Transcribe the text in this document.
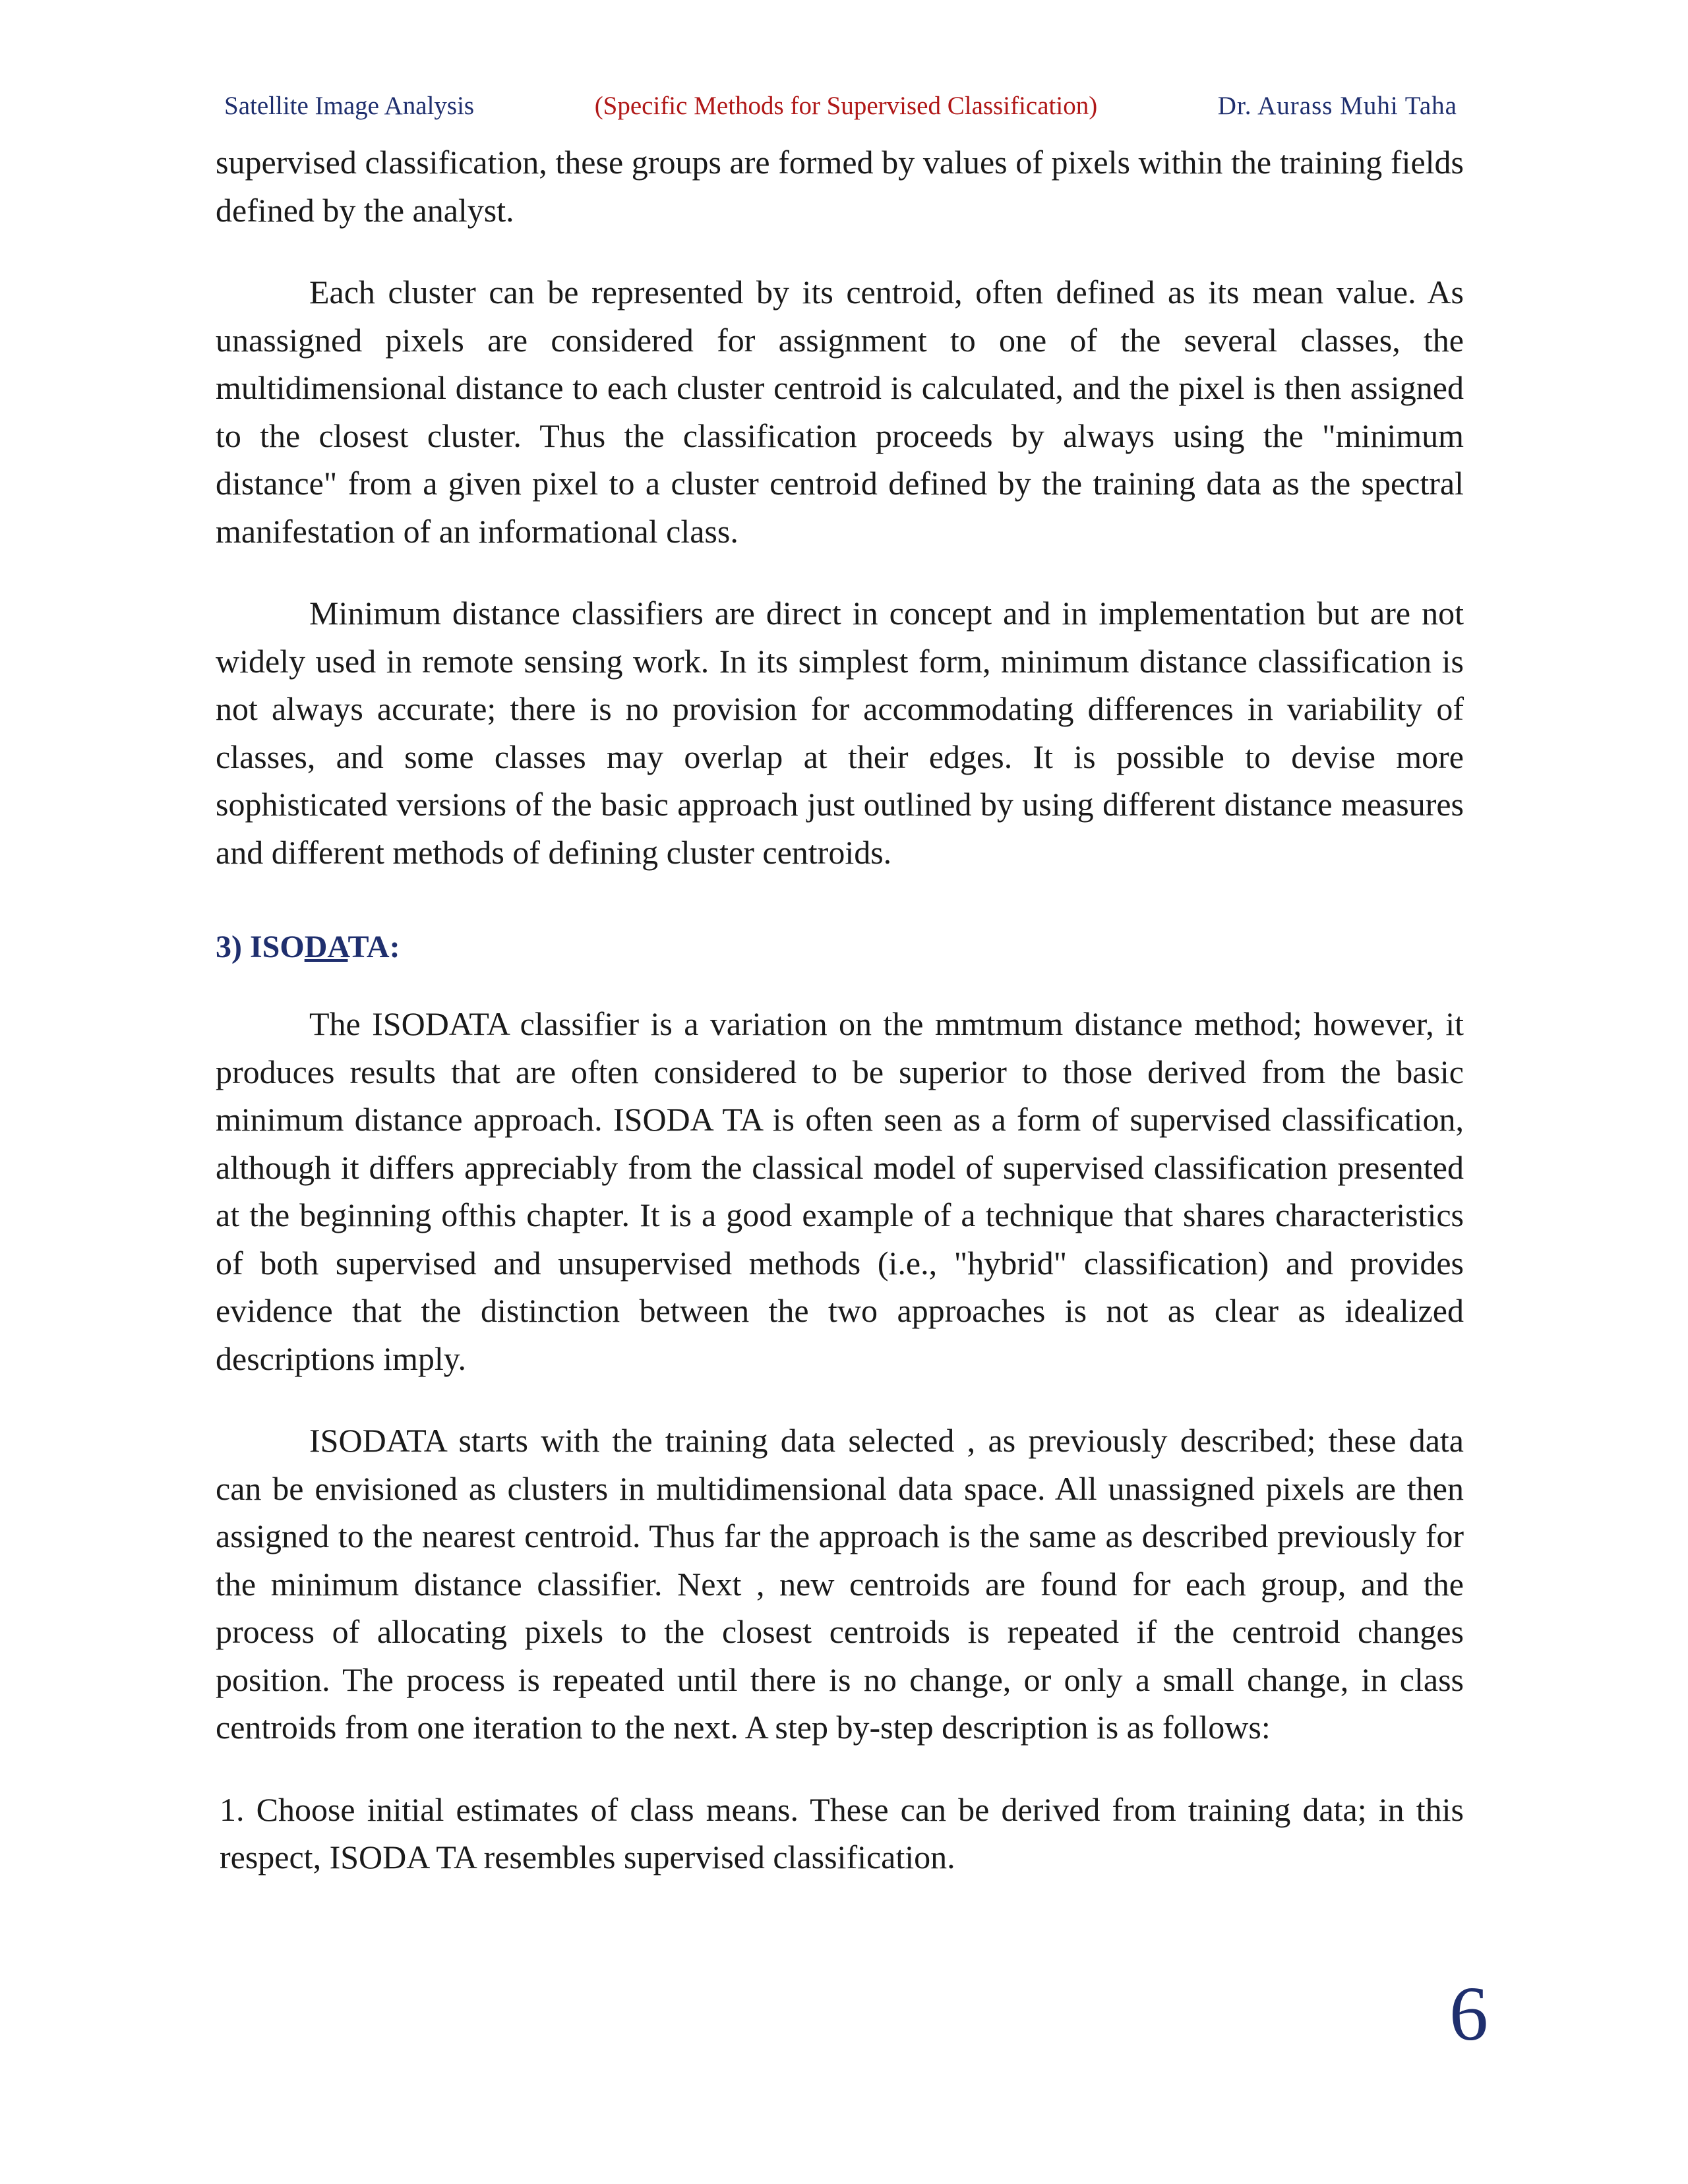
Satellite Image Analysis	(Specific Methods for Supervised Classification)	Dr. Aurass Muhi Taha

supervised classification, these groups are formed by values of pixels within the training fields defined by the analyst.

Each cluster can be represented by its centroid, often defined as its mean value. As unassigned pixels are considered for assignment to one of the several classes, the multidimensional distance to each cluster centroid is calculated, and the pixel is then assigned to the closest cluster. Thus the classification proceeds by always using the "minimum distance" from a given pixel to a cluster centroid defined by the training data as the spectral manifestation of an informational class.

Minimum distance classifiers are direct in concept and in implementation but are not widely used in remote sensing work. In its simplest form, minimum distance classification is not always accurate; there is no provision for accommodating differences in variability of classes, and some classes may overlap at their edges. It is possible to devise more sophisticated versions of the basic approach just outlined by using different distance measures and different methods of defining cluster centroids.

3) ISODATA:

The ISODATA classifier is a variation on the mmtmum distance method; however, it produces results that are often considered to be superior to those derived from the basic minimum distance approach. ISODA TA is often seen as a form of supervised classification, although it differs appreciably from the classical model of supervised classification presented at the beginning ofthis chapter. It is a good example of a technique that shares characteristics of both supervised and unsupervised methods (i.e., "hybrid" classification) and provides evidence that the distinction between the two approaches is not as clear as idealized descriptions imply.

ISODATA starts with the training data selected , as previously described; these data can be envisioned as clusters in multidimensional data space. All unassigned pixels are then assigned to the nearest centroid. Thus far the approach is the same as described previously for the minimum distance classifier. Next , new centroids are found for each group, and the process of allocating pixels to the closest centroids is repeated if the centroid changes position. The process is repeated until there is no change, or only a small change, in class centroids from one iteration to the next. A step by-step description is as follows:

1. Choose initial estimates of class means. These can be derived from training data; in this respect, ISODA TA resembles supervised classification.

6
